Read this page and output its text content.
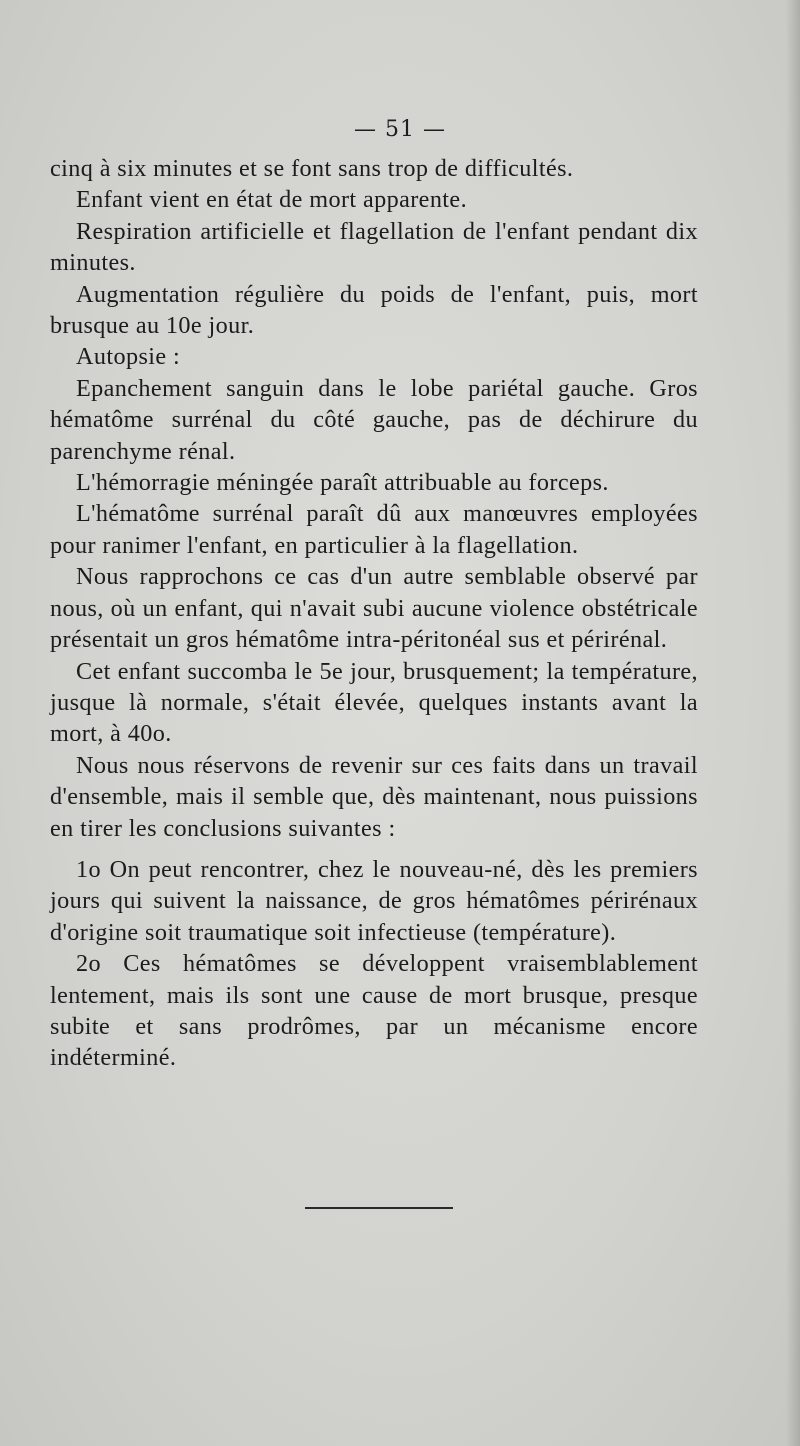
— 51 —

cinq à six minutes et se font sans trop de difficultés.

Enfant vient en état de mort apparente.

Respiration artificielle et flagellation de l'enfant pendant dix minutes.

Augmentation régulière du poids de l'enfant, puis, mort brusque au 10e jour.

Autopsie :

Epanchement sanguin dans le lobe pariétal gauche. Gros hématôme surrénal du côté gauche, pas de déchirure du parenchyme rénal.

L'hémorragie méningée paraît attribuable au forceps.

L'hématôme surrénal paraît dû aux manœuvres employées pour ranimer l'enfant, en particulier à la flagellation.

Nous rapprochons ce cas d'un autre semblable observé par nous, où un enfant, qui n'avait subi aucune violence obstétricale présentait un gros hématôme intra-péritonéal sus et périrénal.

Cet enfant succomba le 5e jour, brusquement; la température, jusque là normale, s'était élevée, quelques instants avant la mort, à 40o.

Nous nous réservons de revenir sur ces faits dans un travail d'ensemble, mais il semble que, dès maintenant, nous puissions en tirer les conclusions suivantes :

1o On peut rencontrer, chez le nouveau-né, dès les premiers jours qui suivent la naissance, de gros hématômes périrénaux d'origine soit traumatique soit infectieuse (température).

2o Ces hématômes se développent vraisemblablement lentement, mais ils sont une cause de mort brusque, presque subite et sans prodrômes, par un mécanisme encore indéterminé.
